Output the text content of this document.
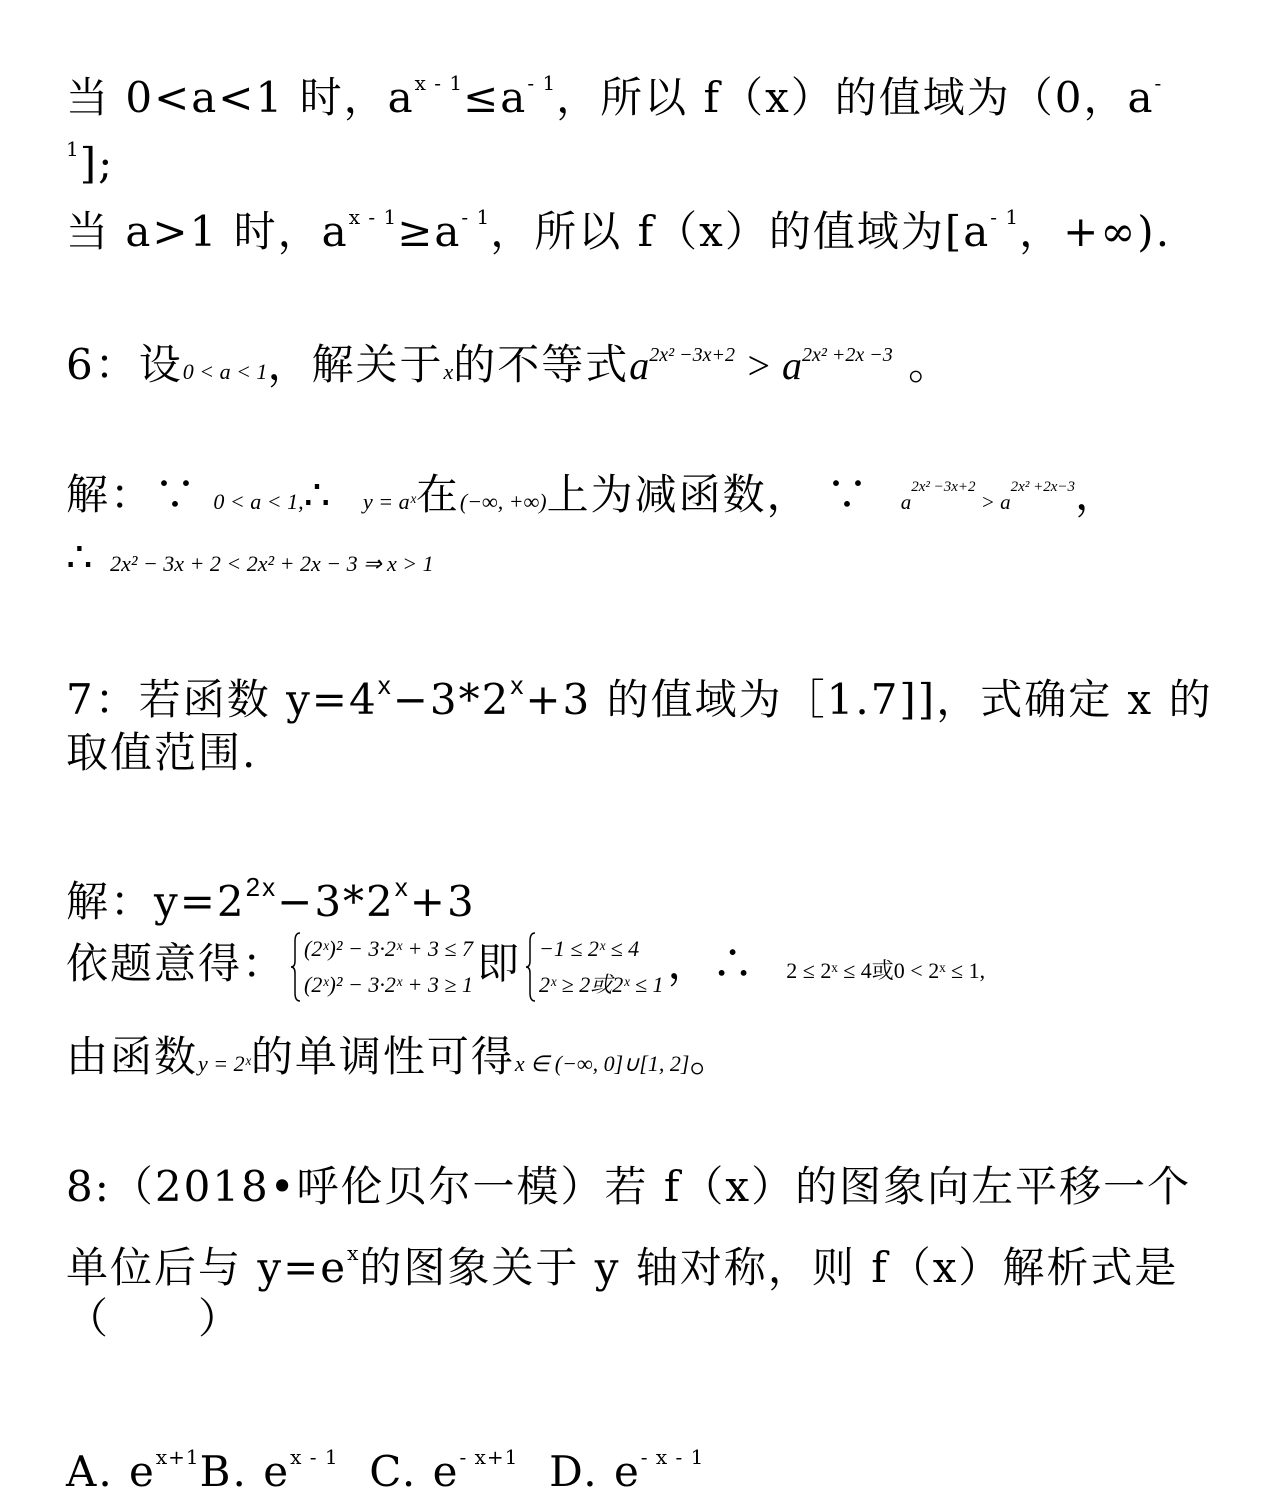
当 0<a<1 时，$a^{x - 1}\le a^{- 1}$，所以 f（x）的值域为（0，a-
$^1$];
当 a>1 时，$a^{x - 1}\ge a^{- 1}$，所以 f（x）的值域为[$a^{- 1}$，+∞).
6：设0 < a < 1，解关于x的不等式$a^{2x^2 -3x+2} > a^{2x^2 +2x -3}$ 。
解：∵ 0 < a < 1,∴ y = aˣ在(−∞, +∞)上为减函数， ∵ $a^{2x^2 -3x+2} > a^{2x^2 +2x-3}$，
∴ 2x² − 3x + 2 < 2x² + 2x − 3 ⇒ x > 1
7：若函数 $y=4^x-3*2^x+3$ 的值域为［1.7]]，式确定 x 的
取值范围.
解：$y=2^{2x}-3*2^x+3$
依题意得： (2ˣ)² − 3·2ˣ + 3 ≤ 7
(2ˣ)² − 3·2ˣ + 3 ≥ 1 即 −1 ≤ 2ˣ ≤ 4
2ˣ ≥ 2或2ˣ ≤ 1 ，∴ 2 ≤ 2ˣ ≤ 4或0 < 2ˣ ≤ 1,
由函数y = 2ˣ的单调性可得x ∈ (−∞, 0]∪[1, 2]。
8:（2018•呼伦贝尔一模）若 f（x）的图象向左平移一个
单位后与 $y=e^x$的图象关于 y 轴对称，则 f（x）解析式是
（　　）
A. $e^{x+1}B$. $e^{x - 1}$ C. $e^{- x+1}$ D. $e^{- x - 1}$
